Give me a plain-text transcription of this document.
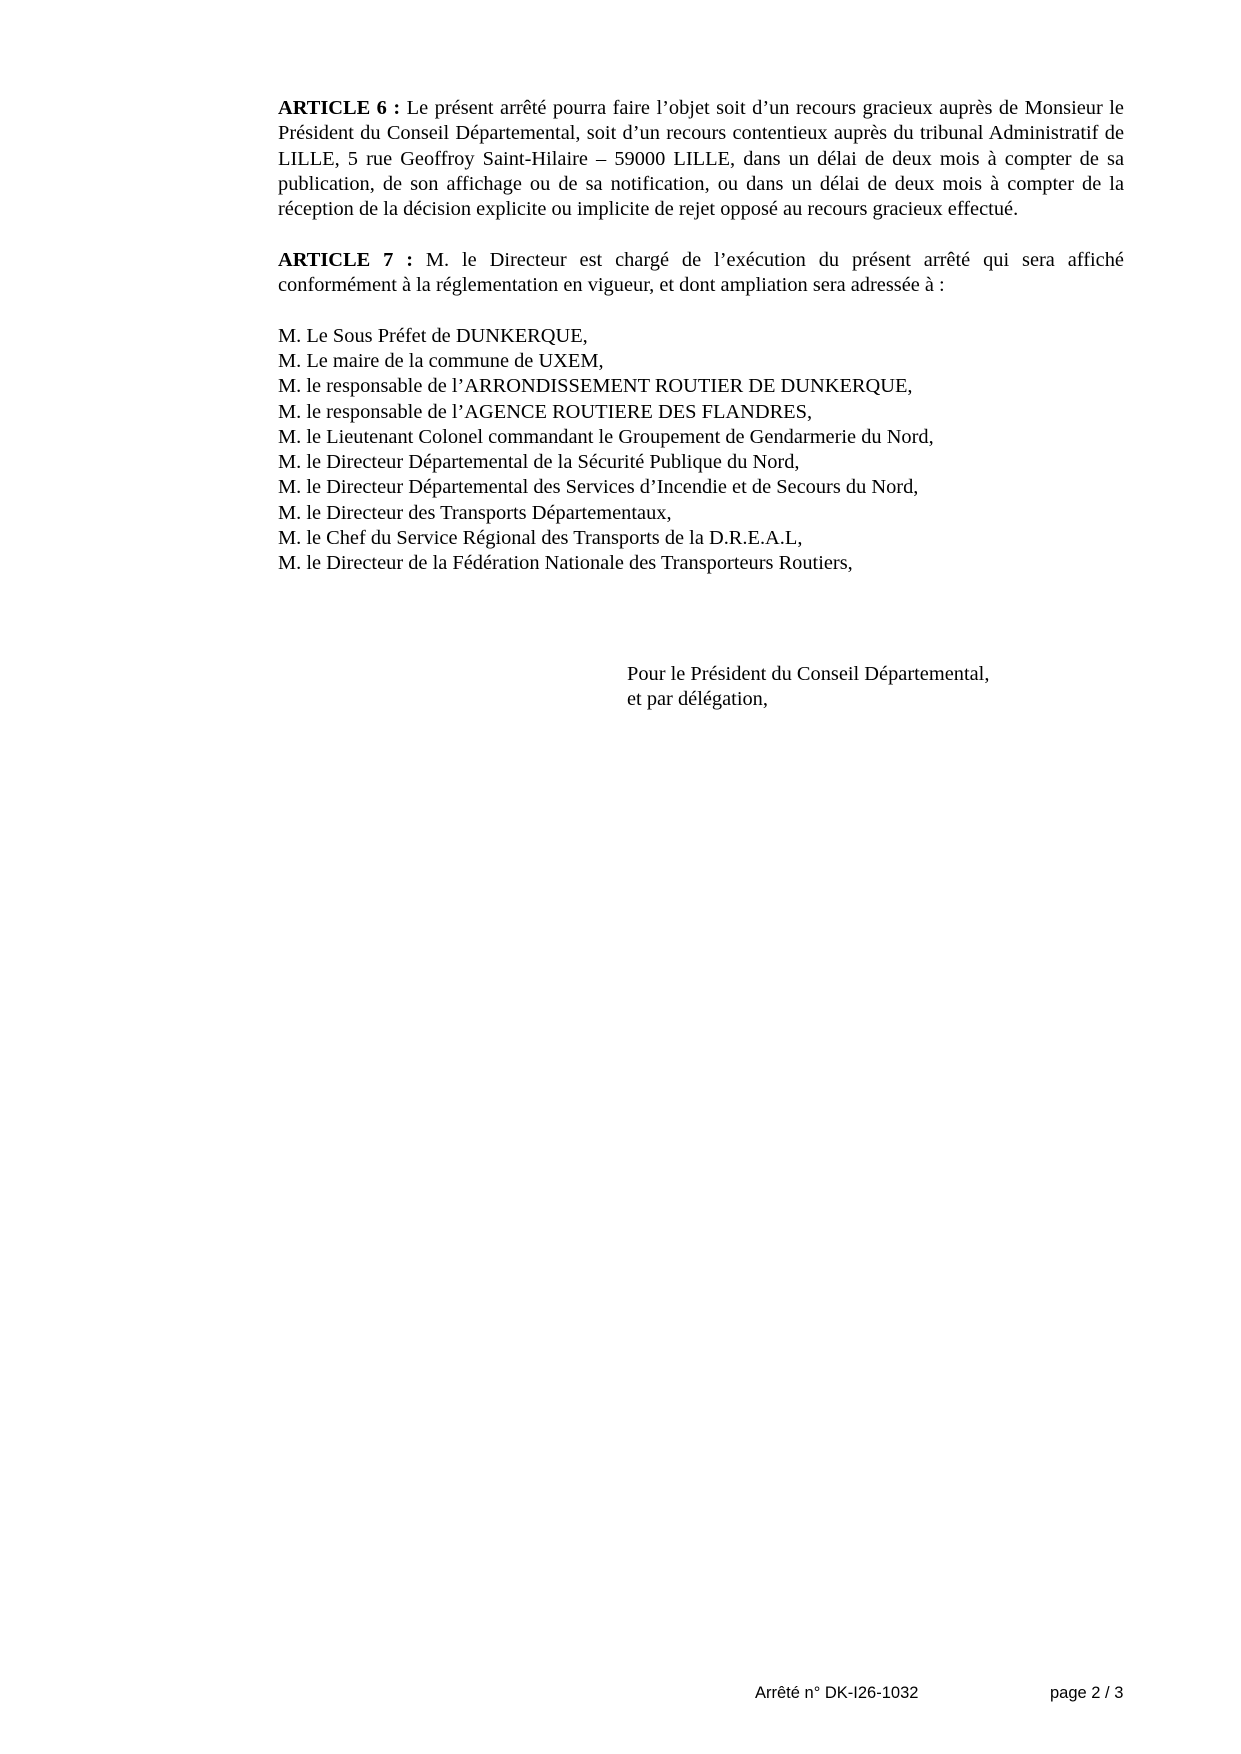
ARTICLE 6 : Le présent arrêté pourra faire l’objet soit d’un recours gracieux auprès de Monsieur le Président du Conseil Départemental, soit d’un recours contentieux auprès du tribunal Administratif de LILLE, 5 rue Geoffroy Saint-Hilaire – 59000 LILLE, dans un délai de deux mois à compter de sa publication, de son affichage ou de sa notification, ou dans un délai de deux mois à compter de la réception de la décision explicite ou implicite de rejet opposé au recours gracieux effectué.

ARTICLE 7 : M. le Directeur est chargé de l’exécution du présent arrêté qui sera affiché conformément à la réglementation en vigueur, et dont ampliation sera adressée à :

M. Le Sous Préfet de DUNKERQUE,
M. Le maire de la commune de UXEM,
M. le responsable de l’ARRONDISSEMENT ROUTIER DE DUNKERQUE,
M. le responsable de l’AGENCE ROUTIERE DES FLANDRES,
M. le Lieutenant Colonel commandant le Groupement de Gendarmerie du Nord,
M. le Directeur Départemental de la Sécurité Publique du Nord,
M. le Directeur Départemental des Services d’Incendie et de Secours du Nord,
M. le Directeur des Transports Départementaux,
M. le Chef du Service Régional des Transports de la D.R.E.A.L,
M. le Directeur de la Fédération Nationale des Transporteurs Routiers,
Pour le Président du Conseil Départemental,
et par délégation,
Arrêté n° DK-I26-1032	page 2 / 3
